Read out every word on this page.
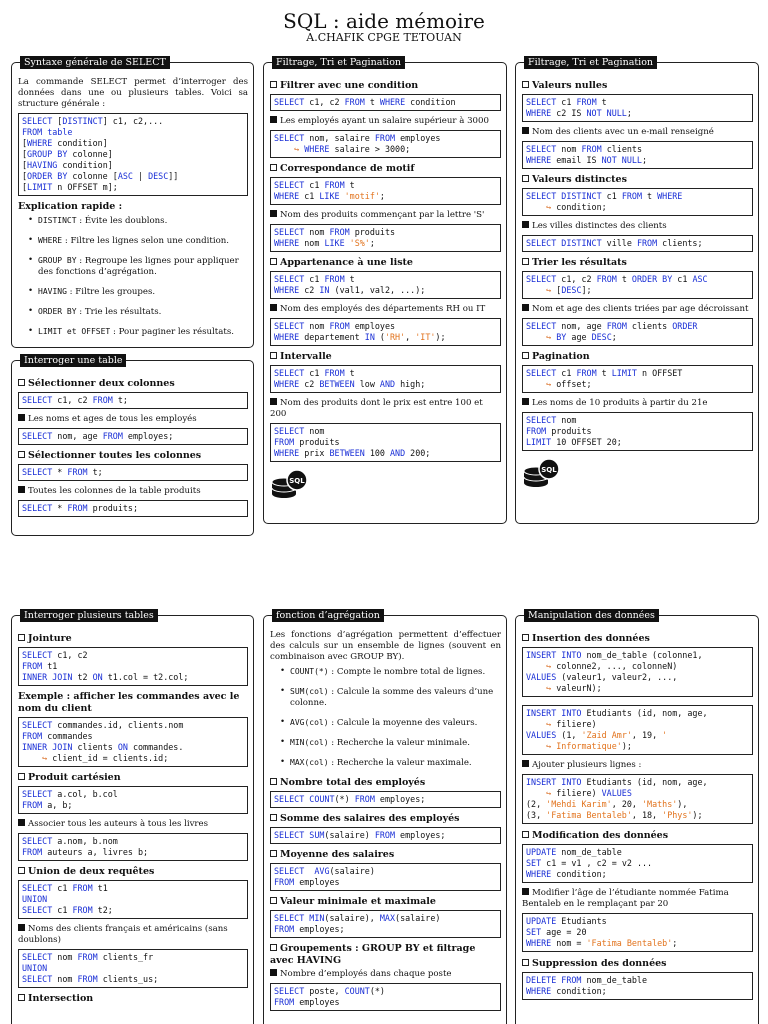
SQL : aide mémoire
A.CHAFIK CPGE TETOUAN
Syntaxe générale de SELECT
La commande SELECT permet d’interroger des données dans une ou plusieurs tables. Voici sa structure générale :
SELECT [DISTINCT] c1, c2,...
FROM table
[WHERE condition]
[GROUP BY colonne]
[HAVING condition]
[ORDER BY colonne [ASC | DESC]]
[LIMIT n OFFSET m];
Explication rapide :
• DISTINCT : Évite les doublons.
• WHERE : Filtre les lignes selon une condition.
• GROUP BY : Regroupe les lignes pour appliquer des fonctions d’agrégation.
• HAVING : Filtre les groupes.
• ORDER BY : Trie les résultats.
• LIMIT et OFFSET : Pour paginer les résultats.
Interroger une table
Sélectionner deux colonnes
SELECT c1, c2 FROM t;
Les noms et ages de tous les employés
SELECT nom, age FROM employes;
Sélectionner toutes les colonnes
SELECT * FROM t;
Toutes les colonnes de la table produits
SELECT * FROM produits;
Filtrage, Tri et Pagination
Filtrer avec une condition
SELECT c1, c2 FROM t WHERE condition
Les employés ayant un salaire supérieur à 3000
SELECT nom, salaire FROM employes
↪ WHERE salaire > 3000;
Correspondance de motif
SELECT c1 FROM t
WHERE c1 LIKE 'motif';
Nom des produits commençant par la lettre 'S'
SELECT nom FROM produits
WHERE nom LIKE 'S%';
Appartenance à une liste
SELECT c1 FROM t
WHERE c2 IN (val1, val2, ...);
Nom des employés des départements RH ou IT
SELECT nom FROM employes
WHERE departement IN ('RH', 'IT');
Intervalle
SELECT c1 FROM t
WHERE c2 BETWEEN low AND high;
Nom des produits dont le prix est entre 100 et 200
SELECT nom
FROM produits
WHERE prix BETWEEN 100 AND 200;
SQL
Filtrage, Tri et Pagination
Valeurs nulles
SELECT c1 FROM t
WHERE c2 IS NOT NULL;
Nom des clients avec un e-mail renseigné
SELECT nom FROM clients
WHERE email IS NOT NULL;
Valeurs distinctes
SELECT DISTINCT c1 FROM t WHERE
↪ condition;
Les villes distinctes des clients
SELECT DISTINCT ville FROM clients;
Trier les résultats
SELECT c1, c2 FROM t ORDER BY c1 ASC
↪ [DESC];
Nom et age des clients triées par age décroissant
SELECT nom, age FROM clients ORDER
↪ BY age DESC;
Pagination
SELECT c1 FROM t LIMIT n OFFSET
↪ offset;
Les noms de 10 produits à partir du 21e
SELECT nom
FROM produits
LIMIT 10 OFFSET 20;
SQL
Interroger plusieurs tables
Jointure
SELECT c1, c2
FROM t1
INNER JOIN t2 ON t1.col = t2.col;
Exemple : afficher les commandes avec le nom du client
SELECT commandes.id, clients.nom
FROM commandes
INNER JOIN clients ON commandes.
↪ client_id = clients.id;
Produit cartésien
SELECT a.col, b.col
FROM a, b;
Associer tous les auteurs à tous les livres
SELECT a.nom, b.nom
FROM auteurs a, livres b;
Union de deux requêtes
SELECT c1 FROM t1
UNION
SELECT c1 FROM t2;
Noms des clients français et américains (sans doublons)
SELECT nom FROM clients_fr
UNION
SELECT nom FROM clients_us;
Intersection
fonction d’agrégation
Les fonctions d’agrégation permettent d’effectuer des calculs sur un ensemble de lignes (souvent en combinaison avec GROUP BY).
• COUNT(*) : Compte le nombre total de lignes.
• SUM(col) : Calcule la somme des valeurs d’une colonne.
• AVG(col) : Calcule la moyenne des valeurs.
• MIN(col) : Recherche la valeur minimale.
• MAX(col) : Recherche la valeur maximale.
Nombre total des employés
SELECT COUNT(*) FROM employes;
Somme des salaires des employés
SELECT SUM(salaire) FROM employes;
Moyenne des salaires
SELECT AVG(salaire)
FROM employes
Valeur minimale et maximale
SELECT MIN(salaire), MAX(salaire)
FROM employes;
Groupements : GROUP BY et filtrage avec HAVING
Nombre d’employés dans chaque poste
SELECT poste, COUNT(*)
FROM employes
Manipulation des données
Insertion des données
INSERT INTO nom_de_table (colonne1,
↪ colonne2, ..., colonneN)
VALUES (valeur1, valeur2, ...,
↪ valeurN);
INSERT INTO Etudiants (id, nom, age,
↪ filiere)
VALUES (1, 'Zaid Amr', 19, '
↪ Informatique');
Ajouter plusieurs lignes :
INSERT INTO Etudiants (id, nom, age,
↪ filiere) VALUES
(2, 'Mehdi Karim', 20, 'Maths'),
(3, 'Fatima Bentaleb', 18, 'Phys');
Modification des données
UPDATE nom_de_table
SET c1 = v1 , c2 = v2 ...
WHERE condition;
Modifier l’âge de l’étudiante nommée Fatima Bentaleb en le remplaçant par 20
UPDATE Etudiants
SET age = 20
WHERE nom = 'Fatima Bentaleb';
Suppression des données
DELETE FROM nom_de_table
WHERE condition;
